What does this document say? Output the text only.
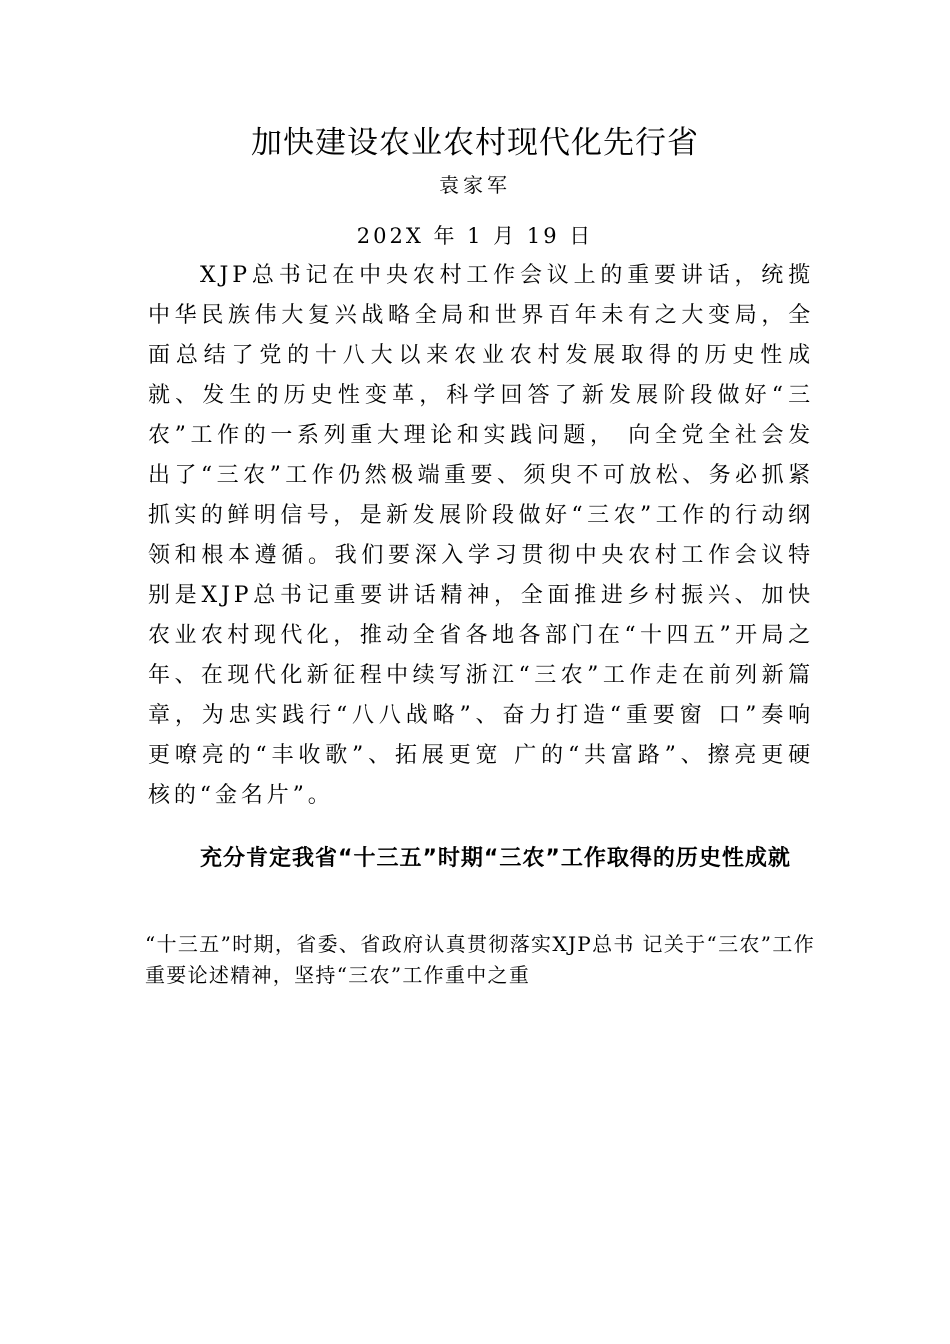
加快建设农业农村现代化先行省
袁家军
202X 年 1 月 19 日

XJP总书记在中央农村工作会议上的重要讲话，统揽 中华民族伟大复兴战略全局和世界百年未有之大变局，全面总结了党的十八大以来农业农村发展取得的历史性成就、发生的历史性变革，科学回答了新发展阶段做好“三农”工作的一系列重大理论和实践问题， 向全党全社会发出了“三农”工作仍然极端重要、须臾不可放松、务必抓紧抓实的鲜明信号，是新发展阶段做好“三农”工作的行动纲领和根本遵循。我们要深入学习贯彻中央农村工作会议特别是XJP总书记重要讲话精神，全面推进乡村振兴、加快农业农村现代化，推动全省各地各部门在“十四五”开局之年、在现代化新征程中续写浙江“三农”工作走在前列新篇章，为忠实践行“八八战略”、奋力打造“重要窗 口”奏响更嘹亮的“丰收歌”、拓展更宽 广的“共富路”、擦亮更硬核的“金名片”。

充分肯定我省“十三五”时期“三农”工作取得的历史性成就

“十三五”时期，省委、省政府认真贯彻落实XJP总书 记关于“三农”工作重要论述精神，坚持“三农”工作重中之重
